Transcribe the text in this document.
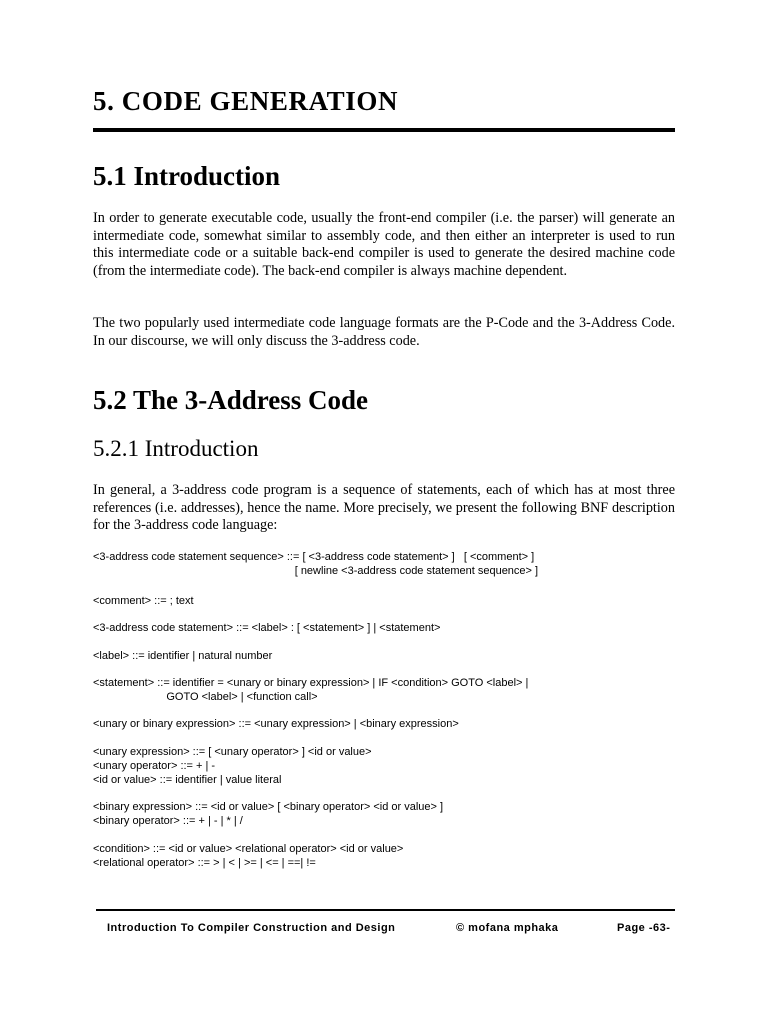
5. CODE GENERATION
5.1 Introduction

In order to generate executable code, usually the front-end compiler (i.e. the parser) will generate an intermediate code, somewhat similar to assembly code, and then either an interpreter is used to run this intermediate code or a suitable back-end compiler is used to generate the desired machine code (from the intermediate code). The back-end compiler is always machine dependent.

The two popularly used intermediate code language formats are the P-Code and the 3-Address Code. In our discourse, we will only discuss the 3-address code.

5.2 The 3-Address Code
5.2.1 Introduction

In general, a 3-address code program is a sequence of statements, each of which has at most three references (i.e. addresses), hence the name. More precisely, we present the following BNF description for the 3-address code language:

<3-address code statement sequence> ::= [ <3-address code statement> ]   [ <comment> ]
[ newline <3-address code statement sequence> ]
<comment> ::= ; text
<3-address code statement> ::= <label> : [ <statement> ] | <statement>
<label> ::= identifier | natural number
<statement> ::= identifier = <unary or binary expression> | IF <condition> GOTO <label> |
GOTO <label> | <function call>
<unary or binary expression> ::= <unary expression> | <binary expression>
<unary expression> ::= [ <unary operator> ] <id or value>
<unary operator> ::= + | -
<id or value> ::= identifier | value literal
<binary expression> ::= <id or value> [ <binary operator> <id or value> ]
<binary operator> ::= + | - | * | /
<condition> ::= <id or value> <relational operator> <id or value>
<relational operator> ::= > | < | >= | <= | ==| !=
Introduction To Compiler Construction and Design	© mofana mphaka	Page -63-
